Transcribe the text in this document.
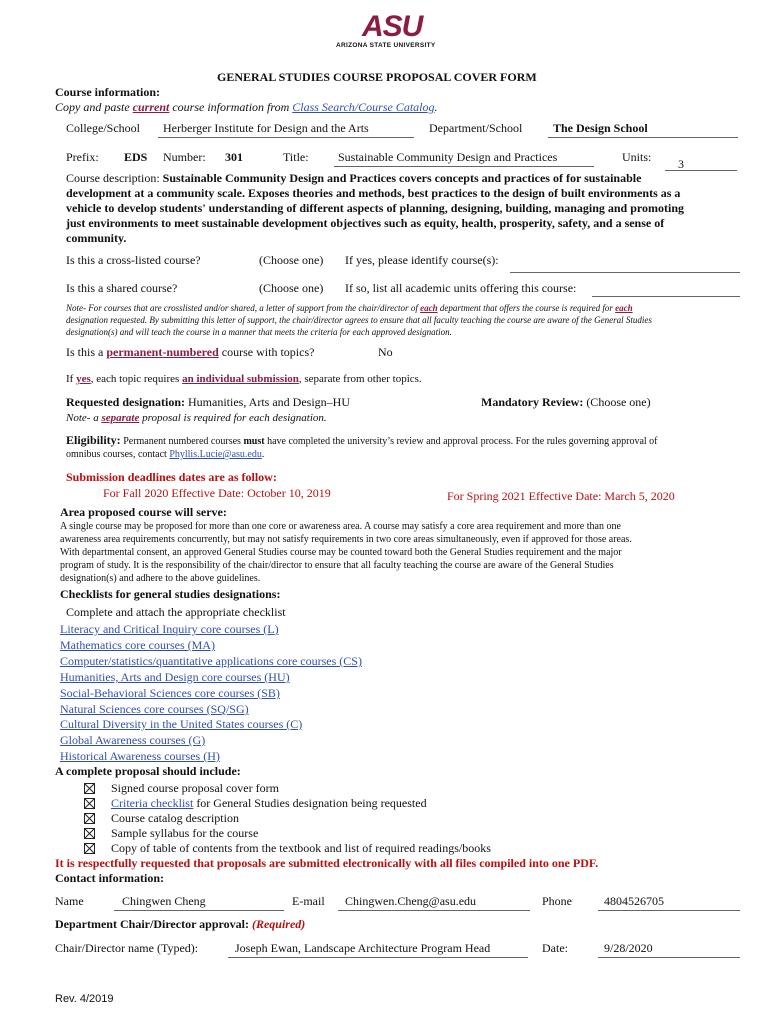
ASU
ARIZONA STATE UNIVERSITY
GENERAL STUDIES COURSE PROPOSAL COVER FORM
Course information:
Copy and paste current course information from Class Search/Course Catalog.
College/School Herberger Institute for Design and the Arts	Department/School	The Design School
Prefix: EDS Number: 301	Title: Sustainable Community Design and Practices	Units: 3
Course description: Sustainable Community Design and Practices covers concepts and practices of for sustainable
development at a community scale. Exposes theories and methods, best practices to the design of built environments as a
vehicle to develop students' understanding of different aspects of planning, designing, building, managing and promoting
just environments to meet sustainable development objectives such as equity, health, prosperity, safety, and a sense of
community.
Is this a cross-listed course?	(Choose one) If yes, please identify course(s):
Is this a shared course?	(Choose one) If so, list all academic units offering this course:
Note- For courses that are crosslisted and/or shared, a letter of support from the chair/director of each department that offers the course is required for each
designation requested. By submitting this letter of support, the chair/director agrees to ensure that all faculty teaching the course are aware of the General Studies
designation(s) and will teach the course in a manner that meets the criteria for each approved designation.
Is this a permanent-numbered course with topics?	No
If yes, each topic requires an individual submission, separate from other topics.
Requested designation: Humanities, Arts and Design–HU	Mandatory Review: (Choose one)
Note- a separate proposal is required for each designation.
Eligibility: Permanent numbered courses must have completed the university’s review and approval process. For the rules governing approval of
omnibus courses, contact Phyllis.Lucie@asu.edu.
Submission deadlines dates are as follow:
For Fall 2020 Effective Date: October 10, 2019	For Spring 2021 Effective Date: March 5, 2020
Area proposed course will serve:
A single course may be proposed for more than one core or awareness area. A course may satisfy a core area requirement and more than one
awareness area requirements concurrently, but may not satisfy requirements in two core areas simultaneously, even if approved for those areas.
With departmental consent, an approved General Studies course may be counted toward both the General Studies requirement and the major
program of study. It is the responsibility of the chair/director to ensure that all faculty teaching the course are aware of the General Studies
designation(s) and adhere to the above guidelines.
Checklists for general studies designations:
Complete and attach the appropriate checklist
Literacy and Critical Inquiry core courses (L)
Mathematics core courses (MA)
Computer/statistics/quantitative applications core courses (CS)
Humanities, Arts and Design core courses (HU)
Social-Behavioral Sciences core courses (SB)
Natural Sciences core courses (SQ/SG)
Cultural Diversity in the United States courses (C)
Global Awareness courses (G)
Historical Awareness courses (H)
A complete proposal should include:
Signed course proposal cover form
Criteria checklist for General Studies designation being requested
Course catalog description
Sample syllabus for the course
Copy of table of contents from the textbook and list of required readings/books
It is respectfully requested that proposals are submitted electronically with all files compiled into one PDF.
Contact information:
Name	Chingwen Cheng	E-mail Chingwen.Cheng@asu.edu	Phone	4804526705
Department Chair/Director approval: (Required)
Chair/Director name (Typed):	Joseph Ewan, Landscape Architecture Program Head	Date:	9/28/2020
Rev. 4/2019
